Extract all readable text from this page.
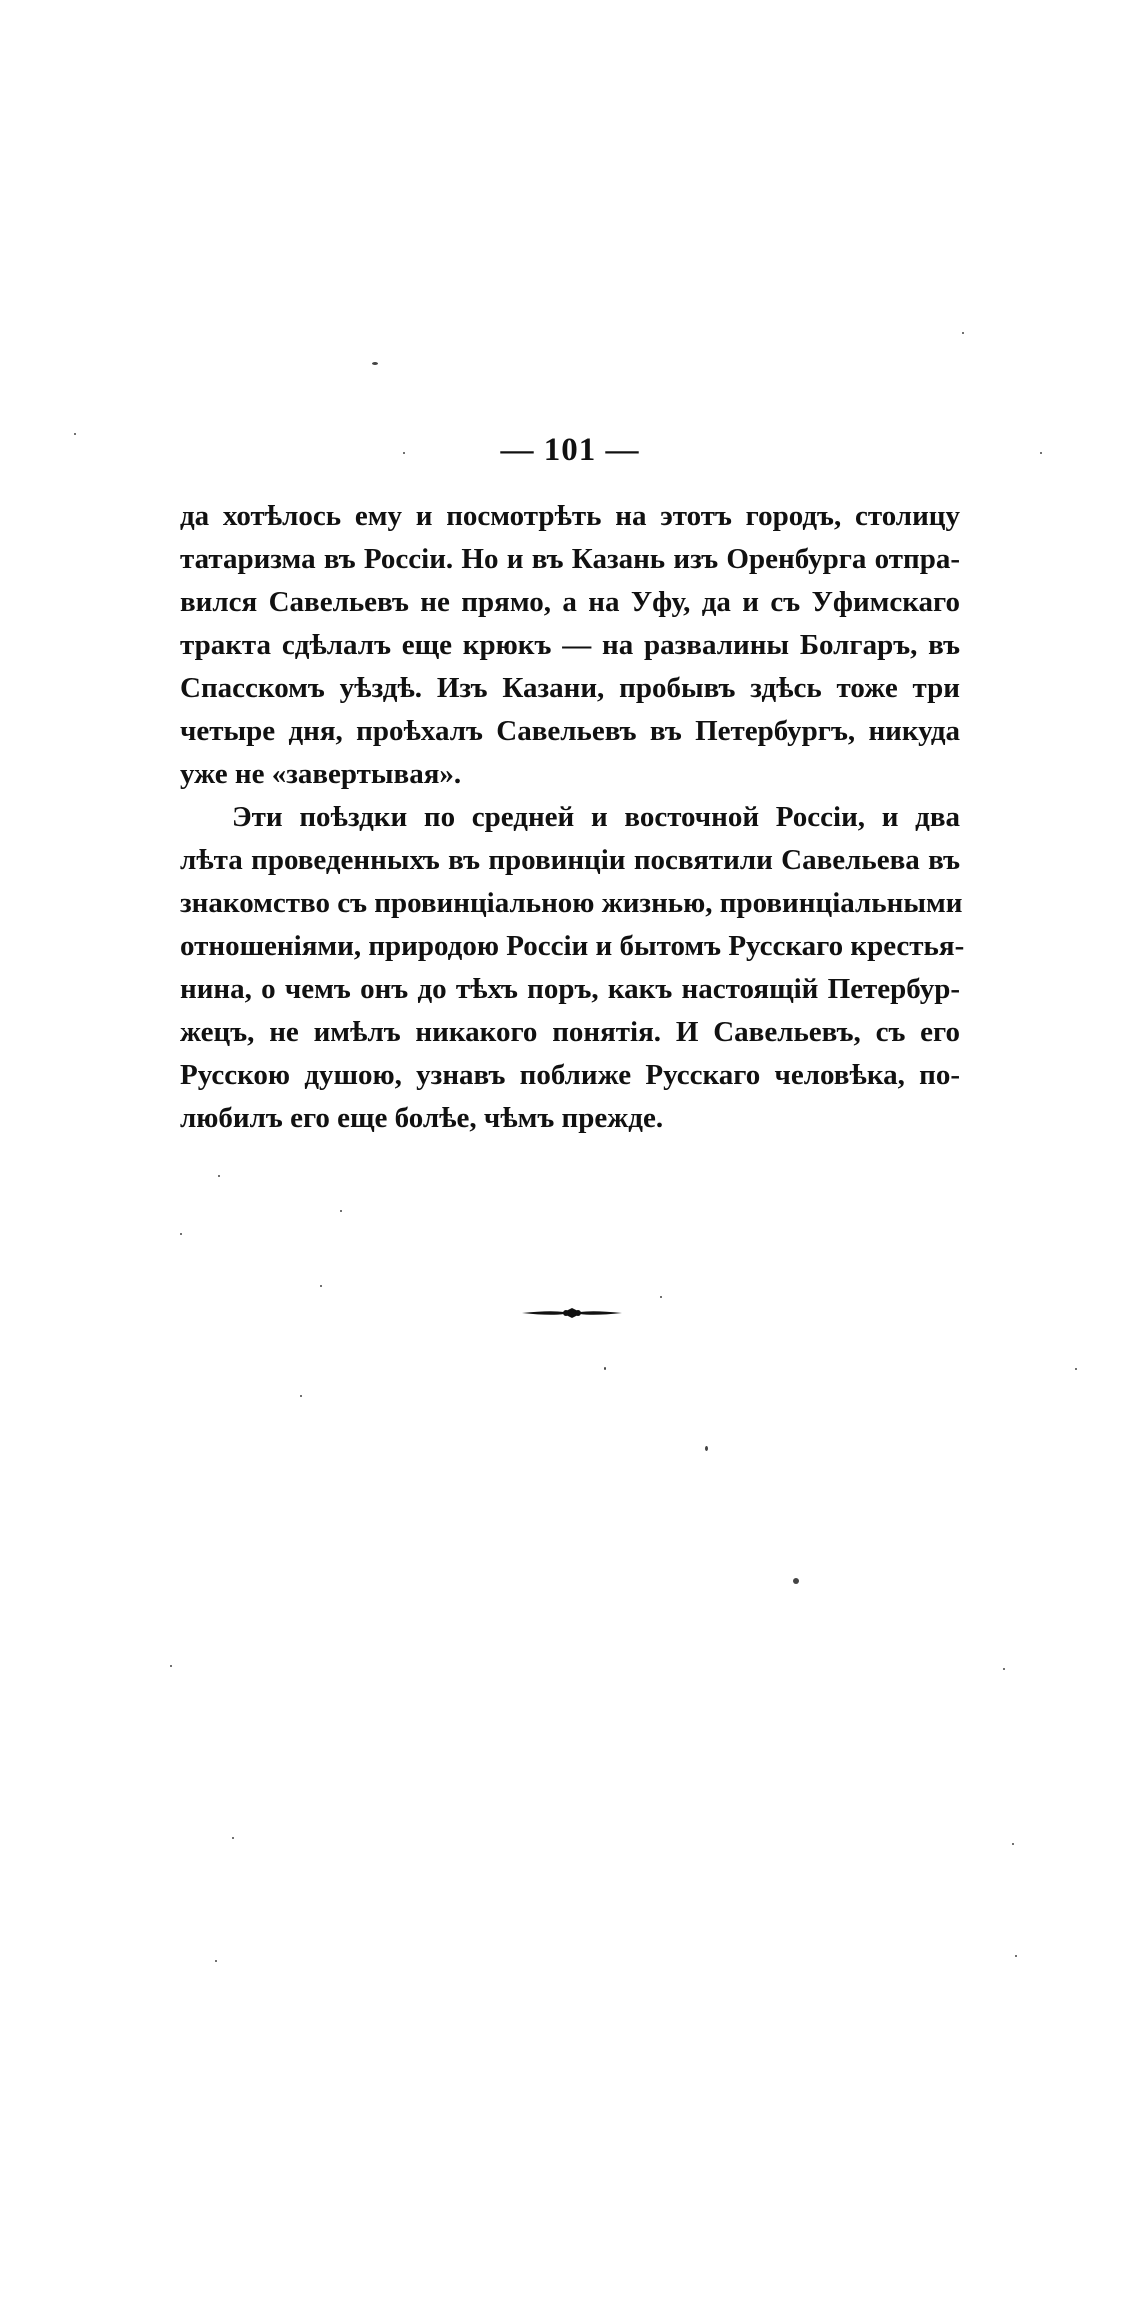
— 101 —
да хотѣлось ему и посмотрѣть на этотъ городъ, столицу
татаризма въ Россіи. Но и въ Казань изъ Оренбурга отпра-
вился Савельевъ не прямо, а на Уфу, да и съ Уфимскаго
тракта сдѣлалъ еще крюкъ — на развалины Болгаръ, въ
Спасскомъ уѣздѣ. Изъ Казани, пробывъ здѣсь тоже три
четыре дня, проѣхалъ Савельевъ въ Петербургъ, никуда
уже не «завертывая».
Эти поѣздки по средней и восточной Россіи, и два
лѣта проведенныхъ въ провинціи посвятили Савельева въ
знакомство съ провинціальною жизнью, провинціальными
отношеніями, природою Россіи и бытомъ Русскаго крестья-
нина, о чемъ онъ до тѣхъ поръ, какъ настоящій Петербур-
жецъ, не имѣлъ никакого понятія. И Савельевъ, съ его
Русскою душою, узнавъ поближе Русскаго человѣка, по-
любилъ его еще болѣе, чѣмъ прежде.
